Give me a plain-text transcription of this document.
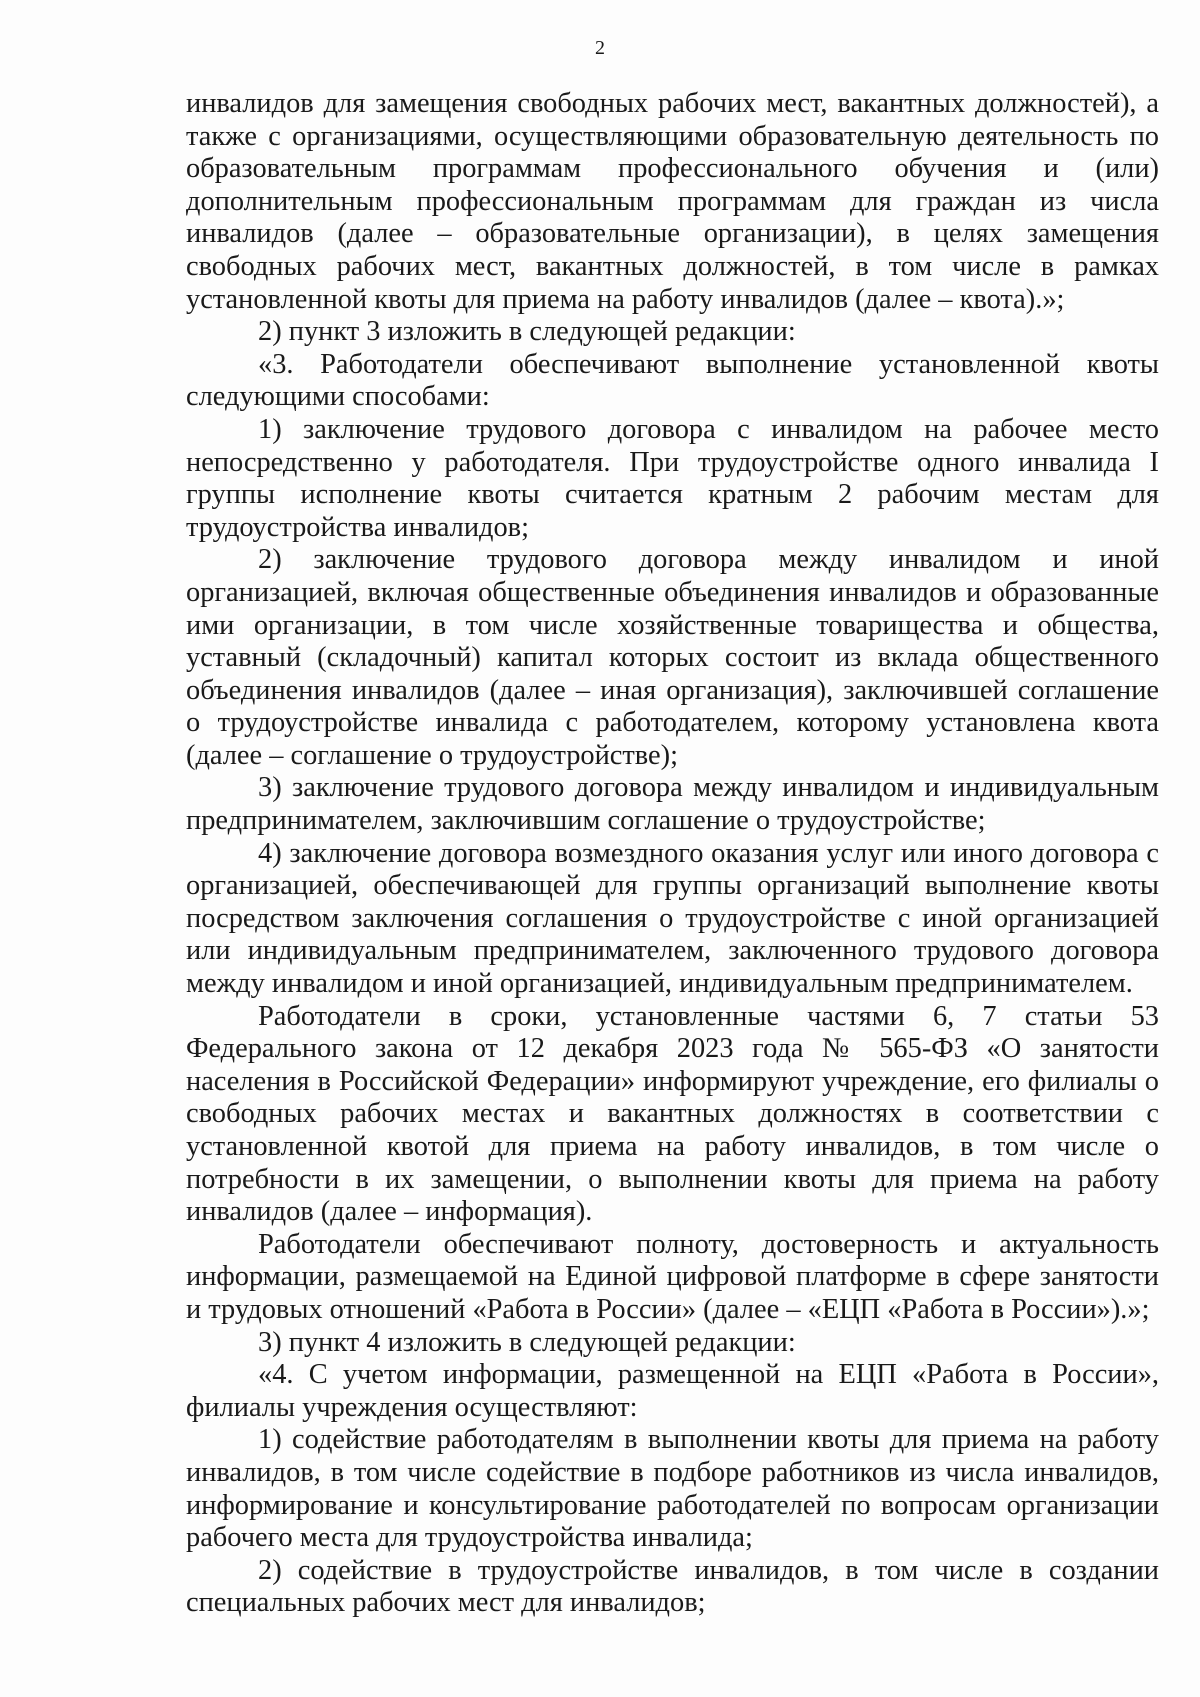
2

инвалидов для замещения свободных рабочих мест, вакантных должностей), а также с организациями, осуществляющими образовательную деятельность по образовательным программам профессионального обучения и (или) дополнительным профессиональным программам для граждан из числа инвалидов (далее – образовательные организации), в целях замещения свободных рабочих мест, вакантных должностей, в том числе в рамках установленной квоты для приема на работу инвалидов (далее – квота).»;

2) пункт 3 изложить в следующей редакции:

«3. Работодатели обеспечивают выполнение установленной квоты следующими способами:

1) заключение трудового договора с инвалидом на рабочее место непосредственно у работодателя. При трудоустройстве одного инвалида I группы исполнение квоты считается кратным 2 рабочим местам для трудоустройства инвалидов;

2) заключение трудового договора между инвалидом и иной организацией, включая общественные объединения инвалидов и образованные ими организации, в том числе хозяйственные товарищества и общества, уставный (складочный) капитал которых состоит из вклада общественного объединения инвалидов (далее – иная организация), заключившей соглашение о трудоустройстве инвалида с работодателем, которому установлена квота (далее – соглашение о трудоустройстве);

3) заключение трудового договора между инвалидом и индивидуальным предпринимателем, заключившим соглашение о трудоустройстве;

4) заключение договора возмездного оказания услуг или иного договора с организацией, обеспечивающей для группы организаций выполнение квоты посредством заключения соглашения о трудоустройстве с иной организацией или индивидуальным предпринимателем, заключенного трудового договора между инвалидом и иной организацией, индивидуальным предпринимателем.

Работодатели в сроки, установленные частями 6, 7 статьи 53 Федерального закона от 12 декабря 2023 года № 565-ФЗ «О занятости населения в Российской Федерации» информируют учреждение, его филиалы о свободных рабочих местах и вакантных должностях в соответствии с установленной квотой для приема на работу инвалидов, в том числе о потребности в их замещении, о выполнении квоты для приема на работу инвалидов (далее – информация).

Работодатели обеспечивают полноту, достоверность и актуальность информации, размещаемой на Единой цифровой платформе в сфере занятости и трудовых отношений «Работа в России» (далее – «ЕЦП «Работа в России»).»;

3) пункт 4 изложить в следующей редакции:

«4. С учетом информации, размещенной на ЕЦП «Работа в России», филиалы учреждения осуществляют:

1) содействие работодателям в выполнении квоты для приема на работу инвалидов, в том числе содействие в подборе работников из числа инвалидов, информирование и консультирование работодателей по вопросам организации рабочего места для трудоустройства инвалида;

2) содействие в трудоустройстве инвалидов, в том числе в создании специальных рабочих мест для инвалидов;
